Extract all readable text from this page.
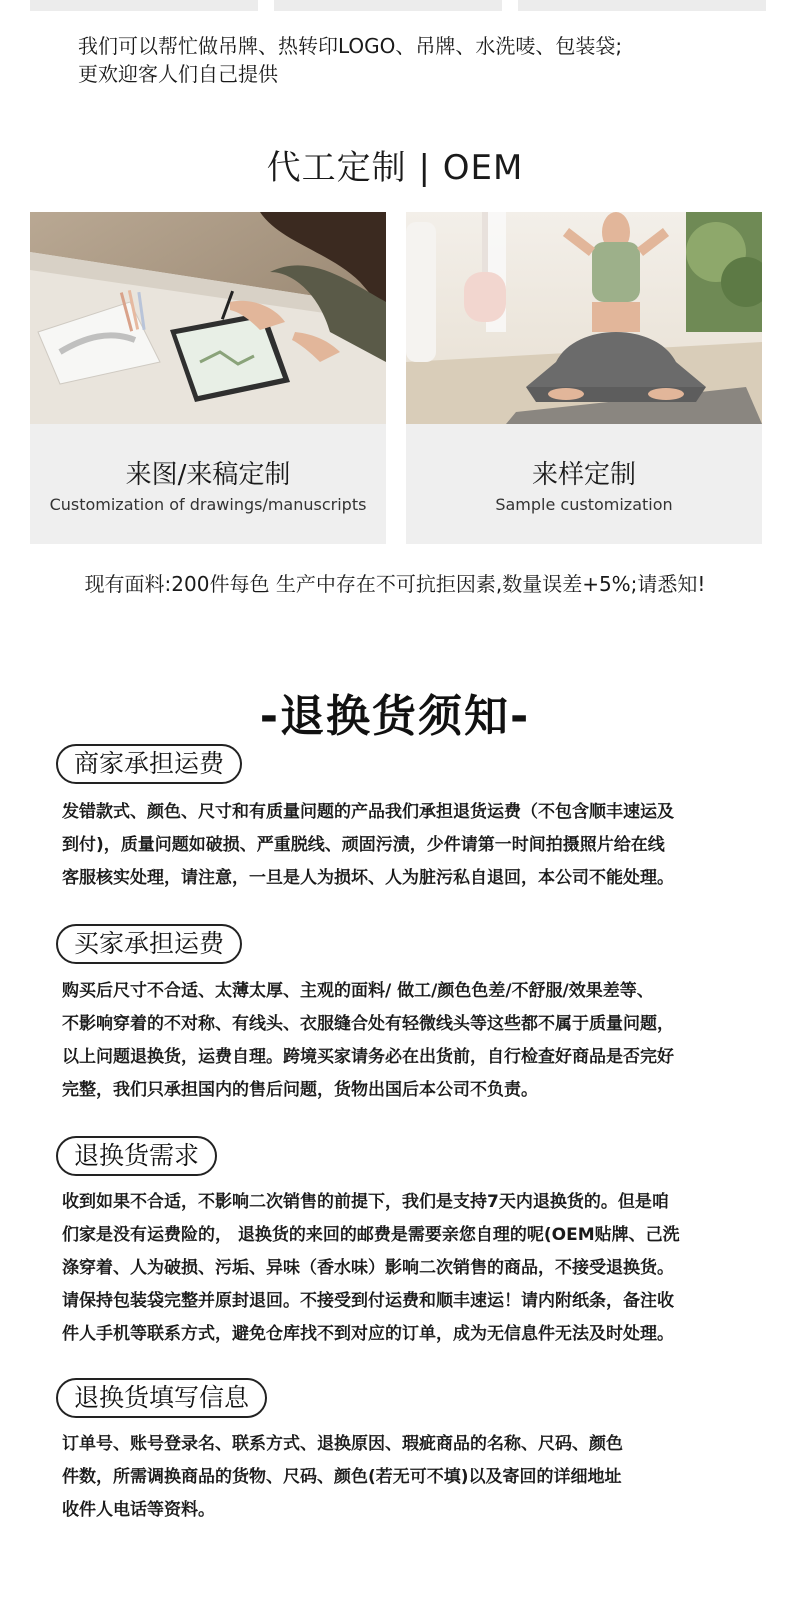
我们可以帮忙做吊牌、热转印LOGO、吊牌、水洗唛、包装袋;
更欢迎客人们自己提供
代工定制 | OEM
来图/来稿定制
Customization of drawings/manuscripts
来样定制
Sample customization
现有面料:200件每色 生产中存在不可抗拒因素,数量误差+5%;请悉知!
-退换货须知-
商家承担运费
发错款式、颜色、尺寸和有质量问题的产品我们承担退货运费（不包含顺丰速运及
到付)，质量问题如破损、严重脱线、顽固污渍，少件请第一时间拍摄照片给在线
客服核实处理，请注意，一旦是人为损坏、人为脏污私自退回，本公司不能处理。
买家承担运费
购买后尺寸不合适、太薄太厚、主观的面料/ 做工/颜色色差/不舒服/效果差等、
不影响穿着的不对称、有线头、衣服缝合处有轻微线头等这些都不属于质量问题，
以上问题退换货，运费自理。跨境买家请务必在出货前，自行检查好商品是否完好
完整，我们只承担国内的售后问题，货物出国后本公司不负责。
退换货需求
收到如果不合适，不影响二次销售的前提下，我们是支持7天内退换货的。但是咱
们家是没有运费险的， 退换货的来回的邮费是需要亲您自理的呢(OEM贴牌、己洗
涤穿着、人为破损、污垢、异味（香水味）影响二次销售的商品，不接受退换货。
请保持包装袋完整并原封退回。不接受到付运费和顺丰速运！请内附纸条，备注收
件人手机等联系方式，避免仓库找不到对应的订单，成为无信息件无法及时处理。
退换货填写信息
订单号、账号登录名、联系方式、退换原因、瑕疵商品的名称、尺码、颜色
件数，所需调换商品的货物、尺码、颜色(若无可不填)以及寄回的详细地址
收件人电话等资料。
